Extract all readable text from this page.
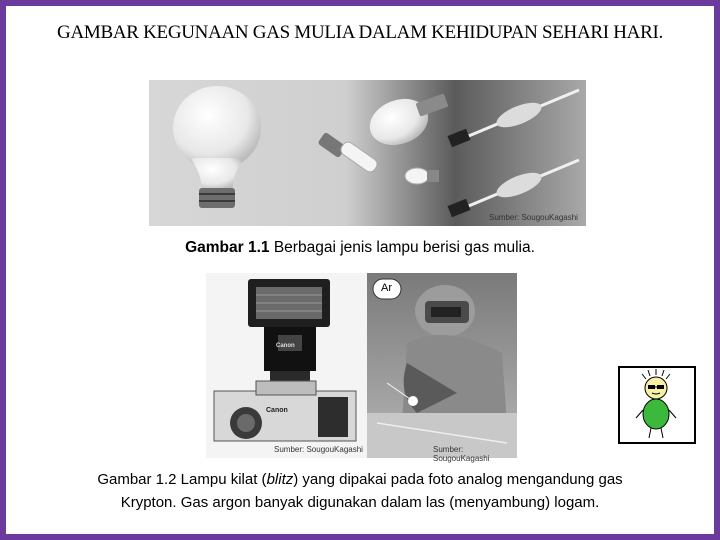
GAMBAR KEGUNAAN GAS MULIA DALAM KEHIDUPAN SEHARI HARI.
Sumber: SougouKagashi
Gambar 1.1 Berbagai jenis lampu berisi gas mulia.
Canon
Canon
Sumber: SougouKagashi
Ar
Sumber: SougouKagashi
Gambar 1.2 Lampu kilat (blitz) yang dipakai pada foto analog mengandung gas
Krypton. Gas argon banyak digunakan dalam las (menyambung) logam.
